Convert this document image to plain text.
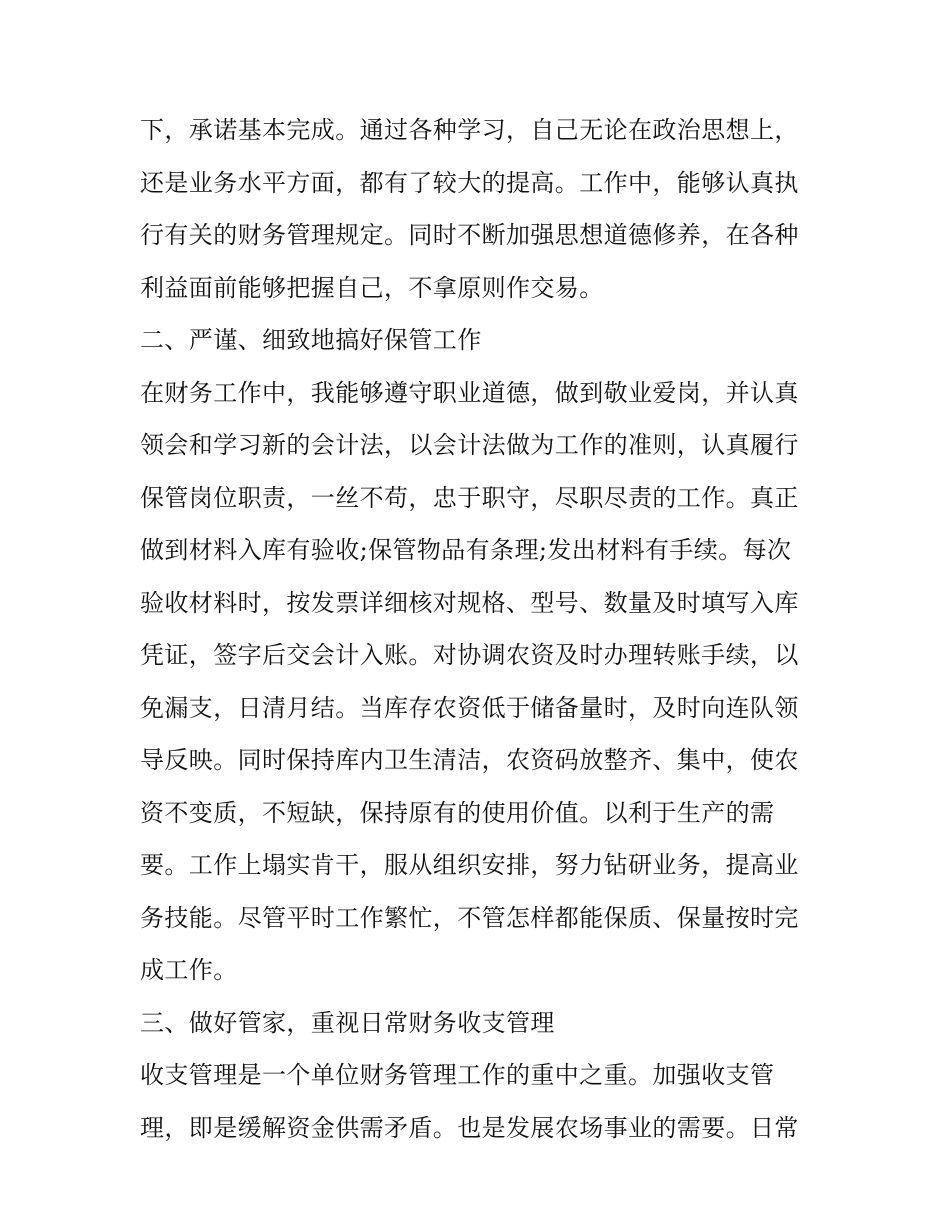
下，承诺基本完成。通过各种学习，自己无论在政治思想上，
还是业务水平方面，都有了较大的提高。工作中，能够认真执
行有关的财务管理规定。同时不断加强思想道德修养，在各种
利益面前能够把握自己，不拿原则作交易。
二、严谨、细致地搞好保管工作
在财务工作中，我能够遵守职业道德，做到敬业爱岗，并认真
领会和学习新的会计法，以会计法做为工作的准则，认真履行
保管岗位职责，一丝不苟，忠于职守，尽职尽责的工作。真正
做到材料入库有验收;保管物品有条理;发出材料有手续。每次
验收材料时，按发票详细核对规格、型号、数量及时填写入库
凭证，签字后交会计入账。对协调农资及时办理转账手续，以
免漏支，日清月结。当库存农资低于储备量时，及时向连队领
导反映。同时保持库内卫生清洁，农资码放整齐、集中，使农
资不变质，不短缺，保持原有的使用价值。以利于生产的需
要。工作上塌实肯干，服从组织安排，努力钻研业务，提高业
务技能。尽管平时工作繁忙，不管怎样都能保质、保量按时完
成工作。
三、做好管家，重视日常财务收支管理
收支管理是一个单位财务管理工作的重中之重。加强收支管
理，即是缓解资金供需矛盾。也是发展农场事业的需要。日常
